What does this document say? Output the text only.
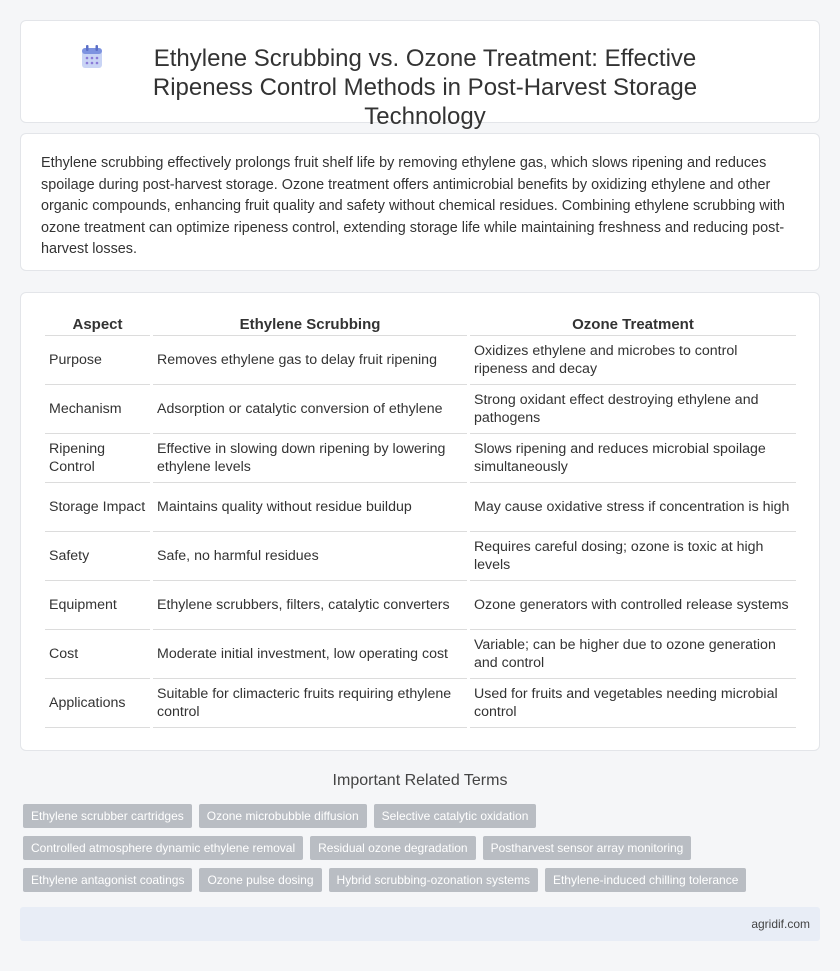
Ethylene Scrubbing vs. Ozone Treatment: Effective Ripeness Control Methods in Post-Harvest Storage Technology

Ethylene scrubbing effectively prolongs fruit shelf life by removing ethylene gas, which slows ripening and reduces spoilage during post-harvest storage. Ozone treatment offers antimicrobial benefits by oxidizing ethylene and other organic compounds, enhancing fruit quality and safety without chemical residues. Combining ethylene scrubbing with ozone treatment can optimize ripeness control, extending storage life while maintaining freshness and reducing post-harvest losses.

Aspect	Ethylene Scrubbing	Ozone Treatment
Purpose	Removes ethylene gas to delay fruit ripening	Oxidizes ethylene and microbes to control ripeness and decay
Mechanism	Adsorption or catalytic conversion of ethylene	Strong oxidant effect destroying ethylene and pathogens
Ripening Control	Effective in slowing down ripening by lowering ethylene levels	Slows ripening and reduces microbial spoilage simultaneously
Storage Impact	Maintains quality without residue buildup	May cause oxidative stress if concentration is high
Safety	Safe, no harmful residues	Requires careful dosing; ozone is toxic at high levels
Equipment	Ethylene scrubbers, filters, catalytic converters	Ozone generators with controlled release systems
Cost	Moderate initial investment, low operating cost	Variable; can be higher due to ozone generation and control
Applications	Suitable for climacteric fruits requiring ethylene control	Used for fruits and vegetables needing microbial control
Important Related Terms
Ethylene scrubber cartridges	Ozone microbubble diffusion	Selective catalytic oxidation
Controlled atmosphere dynamic ethylene removal	Residual ozone degradation	Postharvest sensor array monitoring
Ethylene antagonist coatings	Ozone pulse dosing	Hybrid scrubbing-ozonation systems	Ethylene-induced chilling tolerance
agridif.com
